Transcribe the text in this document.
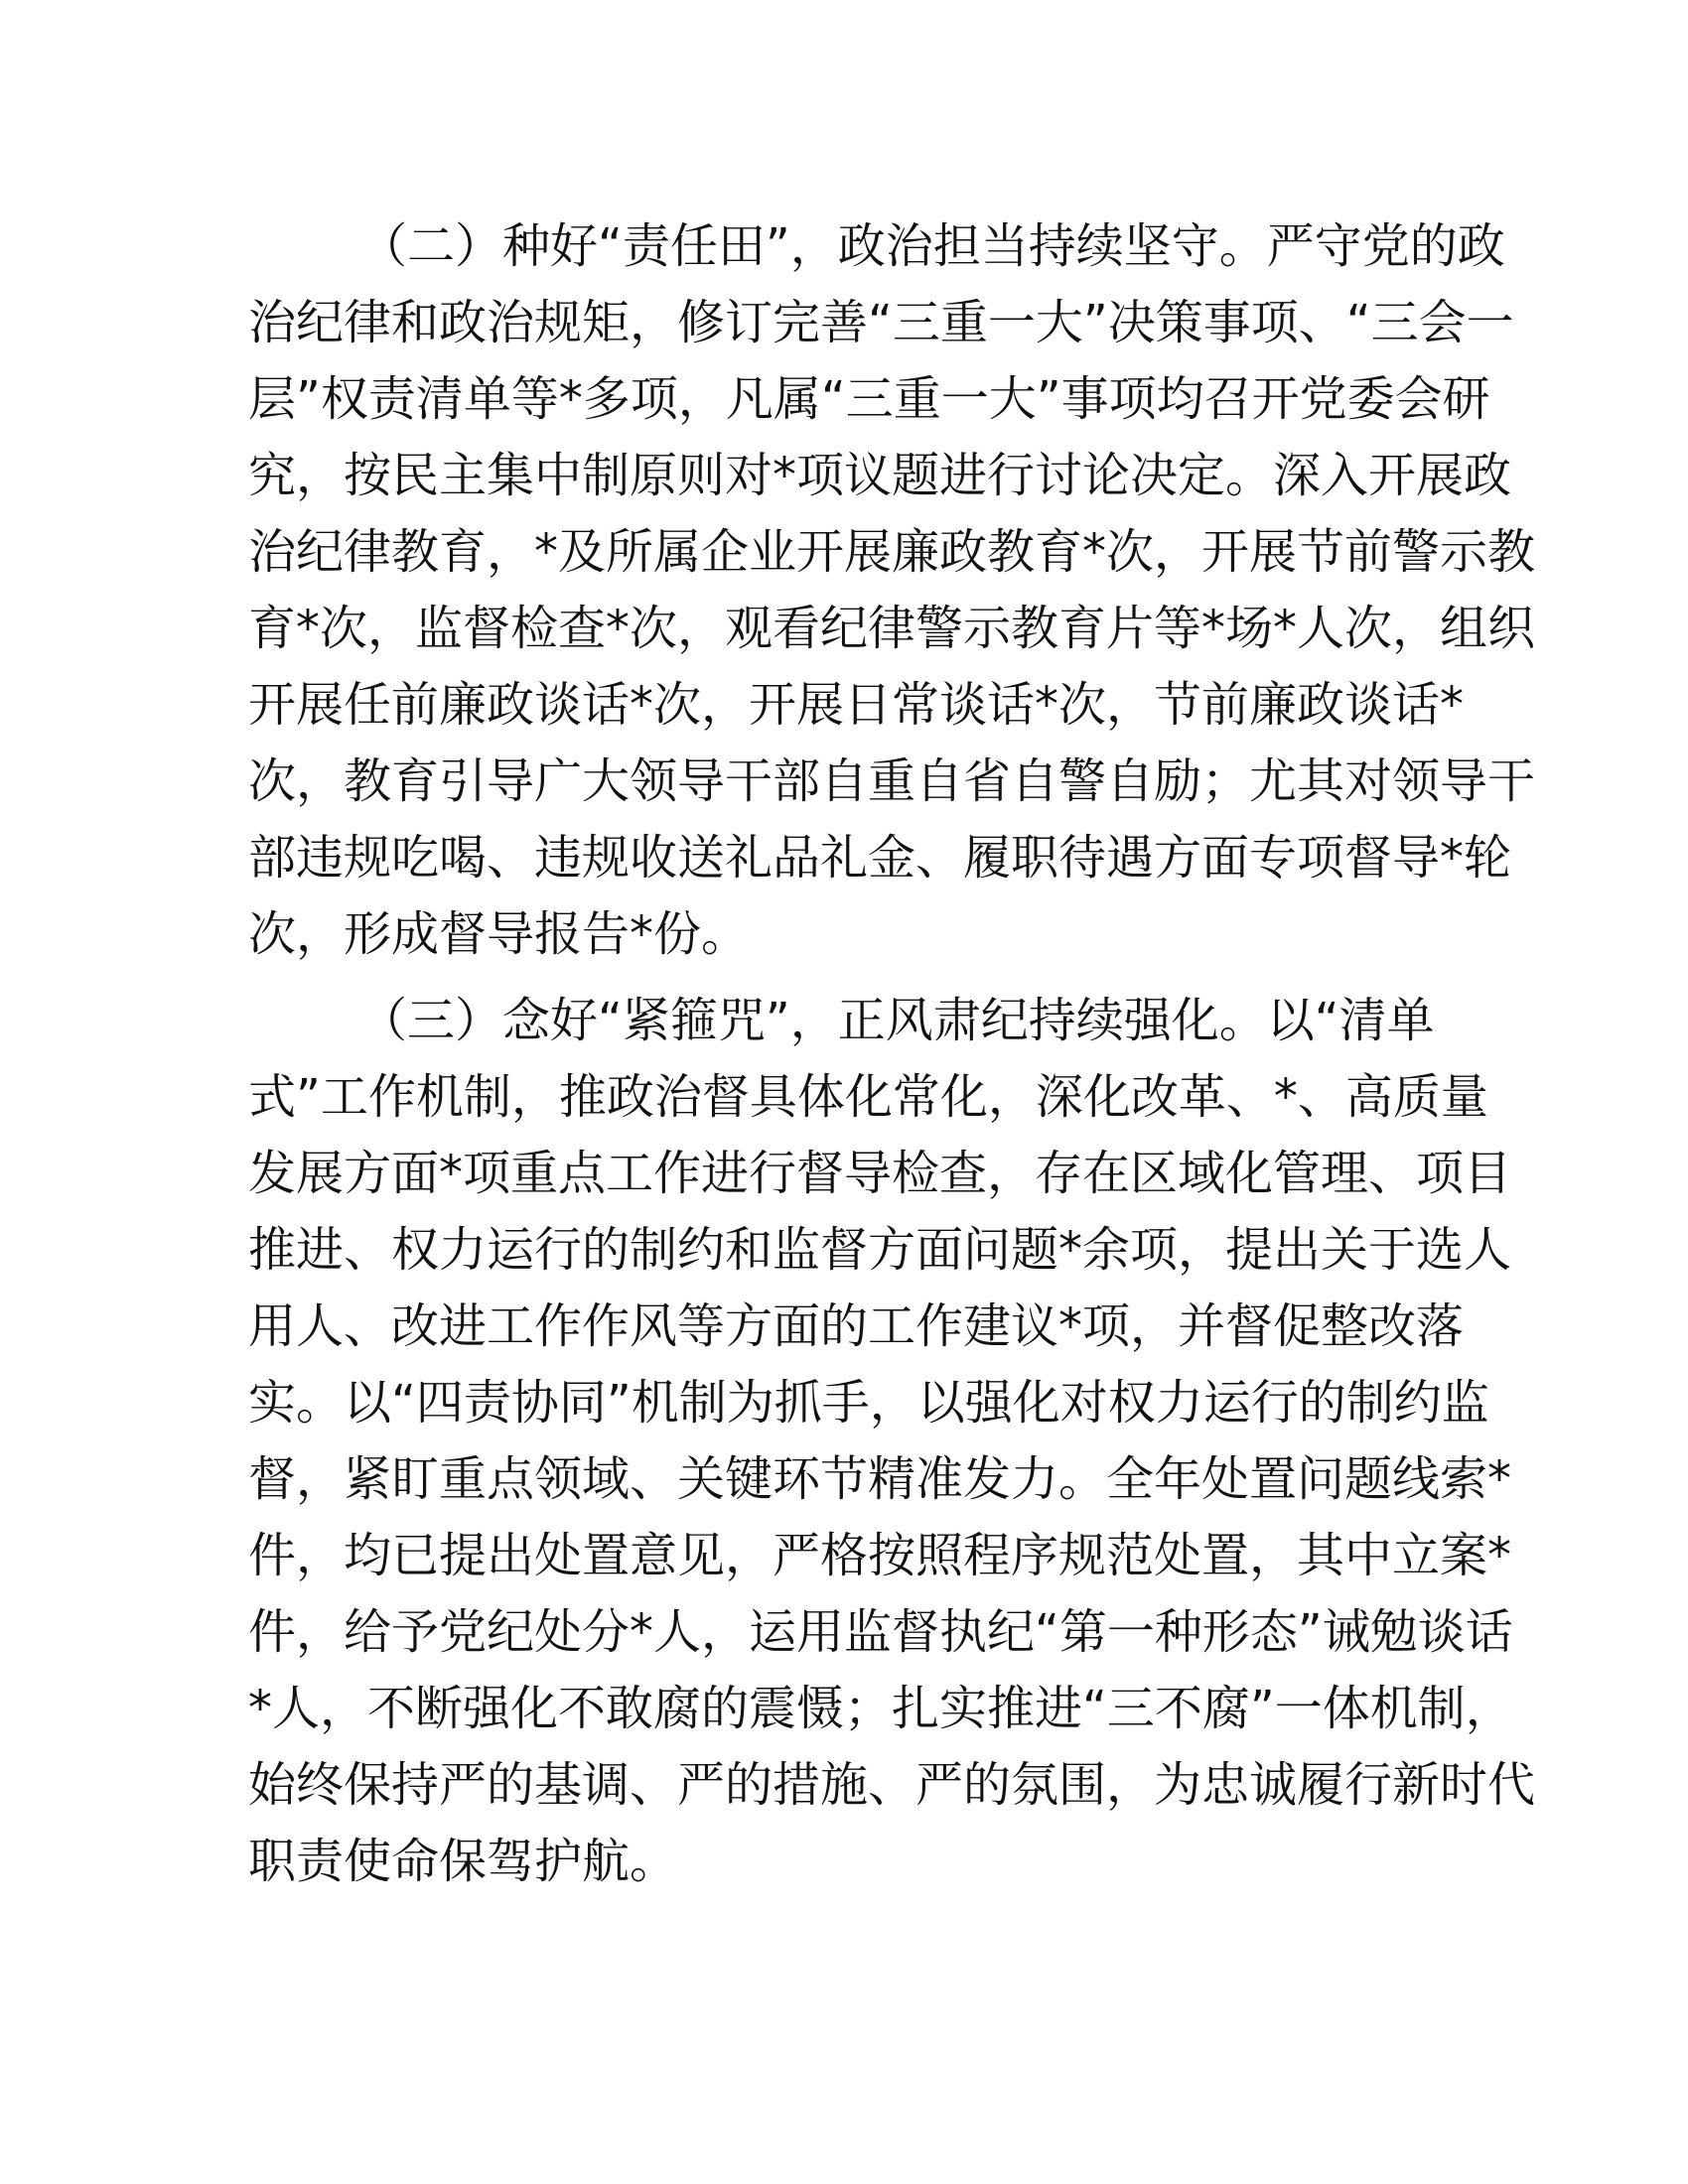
（二）种好“责任田”，政治担当持续坚守。严守党的政
治纪律和政治规矩，修订完善“三重一大”决策事项、“三会一
层”权责清单等*多项，凡属“三重一大”事项均召开党委会研
究，按民主集中制原则对*项议题进行讨论决定。深入开展政
治纪律教育，*及所属企业开展廉政教育*次，开展节前警示教
育*次，监督检查*次，观看纪律警示教育片等*场*人次，组织
开展任前廉政谈话*次，开展日常谈话*次，节前廉政谈话*
次，教育引导广大领导干部自重自省自警自励；尤其对领导干
部违规吃喝、违规收送礼品礼金、履职待遇方面专项督导*轮
次，形成督导报告*份。
（三）念好“紧箍咒”，正风肃纪持续强化。以“清单
式”工作机制，推政治督具体化常化，深化改革、*、高质量
发展方面*项重点工作进行督导检查，存在区域化管理、项目
推进、权力运行的制约和监督方面问题*余项，提出关于选人
用人、改进工作作风等方面的工作建议*项，并督促整改落
实。以“四责协同”机制为抓手，以强化对权力运行的制约监
督，紧盯重点领域、关键环节精准发力。全年处置问题线索*
件，均已提出处置意见，严格按照程序规范处置，其中立案*
件，给予党纪处分*人，运用监督执纪“第一种形态”诫勉谈话
*人，不断强化不敢腐的震慑；扎实推进“三不腐”一体机制，
始终保持严的基调、严的措施、严的氛围，为忠诚履行新时代
职责使命保驾护航。
